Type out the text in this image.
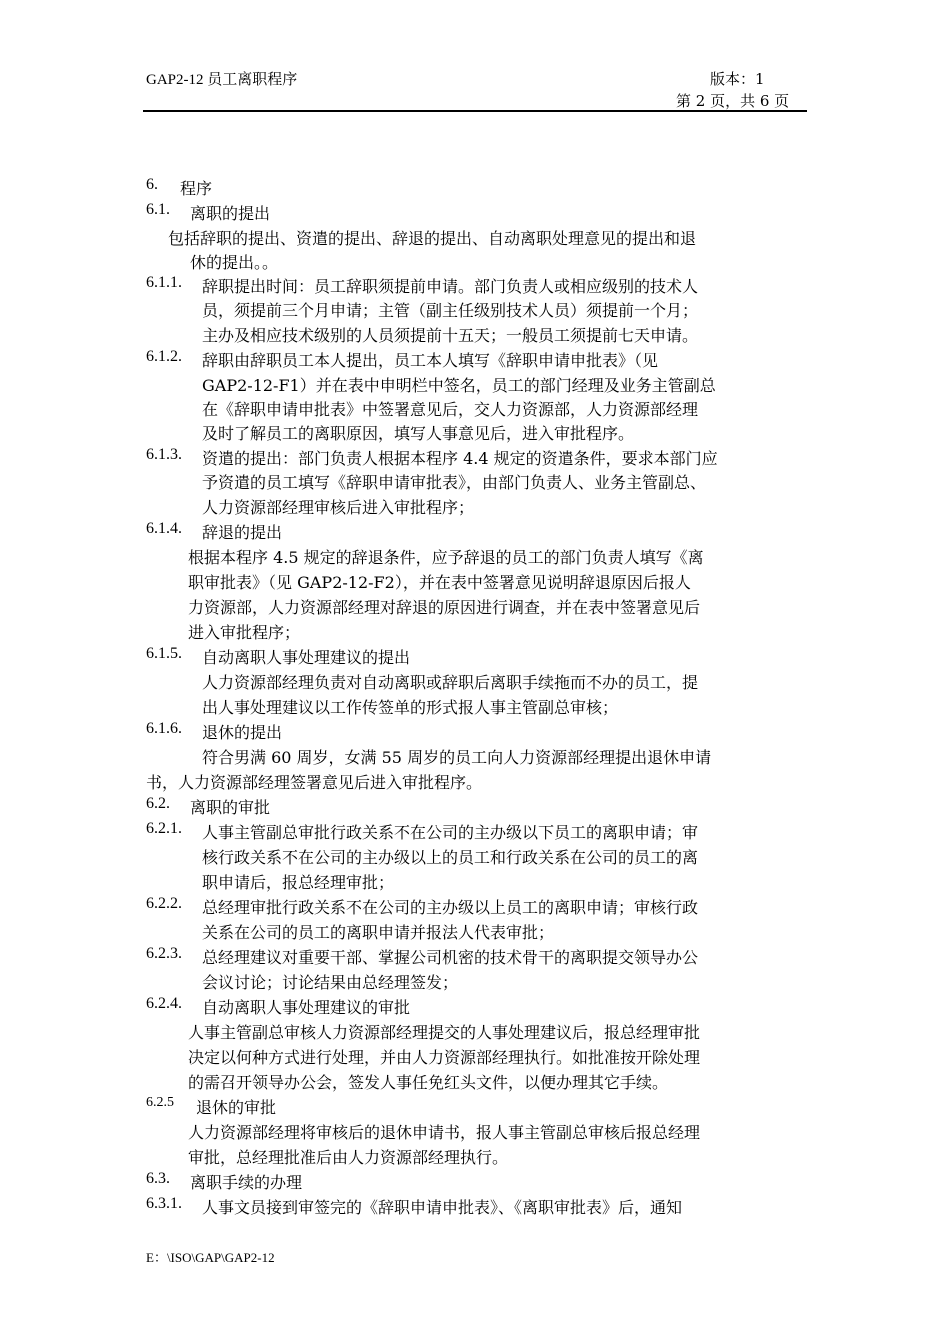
GAP2-12 员工离职程序	版本：1
第 2 页，共 6 页
6. 程序
6.1. 离职的提出
包括辞职的提出、资遣的提出、辞退的提出、自动离职处理意见的提出和退
休的提出。。
6.1.1. 辞职提出时间：员工辞职须提前申请。部门负责人或相应级别的技术人
员，须提前三个月申请；主管（副主任级别技术人员）须提前一个月；
主办及相应技术级别的人员须提前十五天；一般员工须提前七天申请。
6.1.2. 辞职由辞职员工本人提出，员工本人填写《辞职申请申批表》（见
GAP2-12-F1）并在表中申明栏中签名，员工的部门经理及业务主管副总
在《辞职申请申批表》中签署意见后，交人力资源部，人力资源部经理
及时了解员工的离职原因，填写人事意见后，进入审批程序。
6.1.3. 资遣的提出：部门负责人根据本程序 4.4 规定的资遣条件，要求本部门应
予资遣的员工填写《辞职申请审批表》，由部门负责人、业务主管副总、
人力资源部经理审核后进入审批程序；
6.1.4. 辞退的提出
根据本程序 4.5 规定的辞退条件，应予辞退的员工的部门负责人填写《离
职审批表》（见 GAP2-12-F2），并在表中签署意见说明辞退原因后报人
力资源部，人力资源部经理对辞退的原因进行调查，并在表中签署意见后
进入审批程序；
6.1.5. 自动离职人事处理建议的提出
人力资源部经理负责对自动离职或辞职后离职手续拖而不办的员工，提
出人事处理建议以工作传签单的形式报人事主管副总审核；
6.1.6. 退休的提出
符合男满 60 周岁，女满 55 周岁的员工向人力资源部经理提出退休申请
书，人力资源部经理签署意见后进入审批程序。
6.2. 离职的审批
6.2.1. 人事主管副总审批行政关系不在公司的主办级以下员工的离职申请；审
核行政关系不在公司的主办级以上的员工和行政关系在公司的员工的离
职申请后，报总经理审批；
6.2.2. 总经理审批行政关系不在公司的主办级以上员工的离职申请；审核行政
关系在公司的员工的离职申请并报法人代表审批；
6.2.3. 总经理建议对重要干部、掌握公司机密的技术骨干的离职提交领导办公
会议讨论；讨论结果由总经理签发；
6.2.4. 自动离职人事处理建议的审批
人事主管副总审核人力资源部经理提交的人事处理建议后，报总经理审批
决定以何种方式进行处理，并由人力资源部经理执行。如批准按开除处理
的需召开领导办公会，签发人事任免红头文件，以便办理其它手续。
6.2.5 退休的审批
人力资源部经理将审核后的退休申请书，报人事主管副总审核后报总经理
审批，总经理批准后由人力资源部经理执行。
6.3. 离职手续的办理
6.3.1. 人事文员接到审签完的《辞职申请申批表》、《离职审批表》后，通知
E：\ISO\GAP\GAP2-12
